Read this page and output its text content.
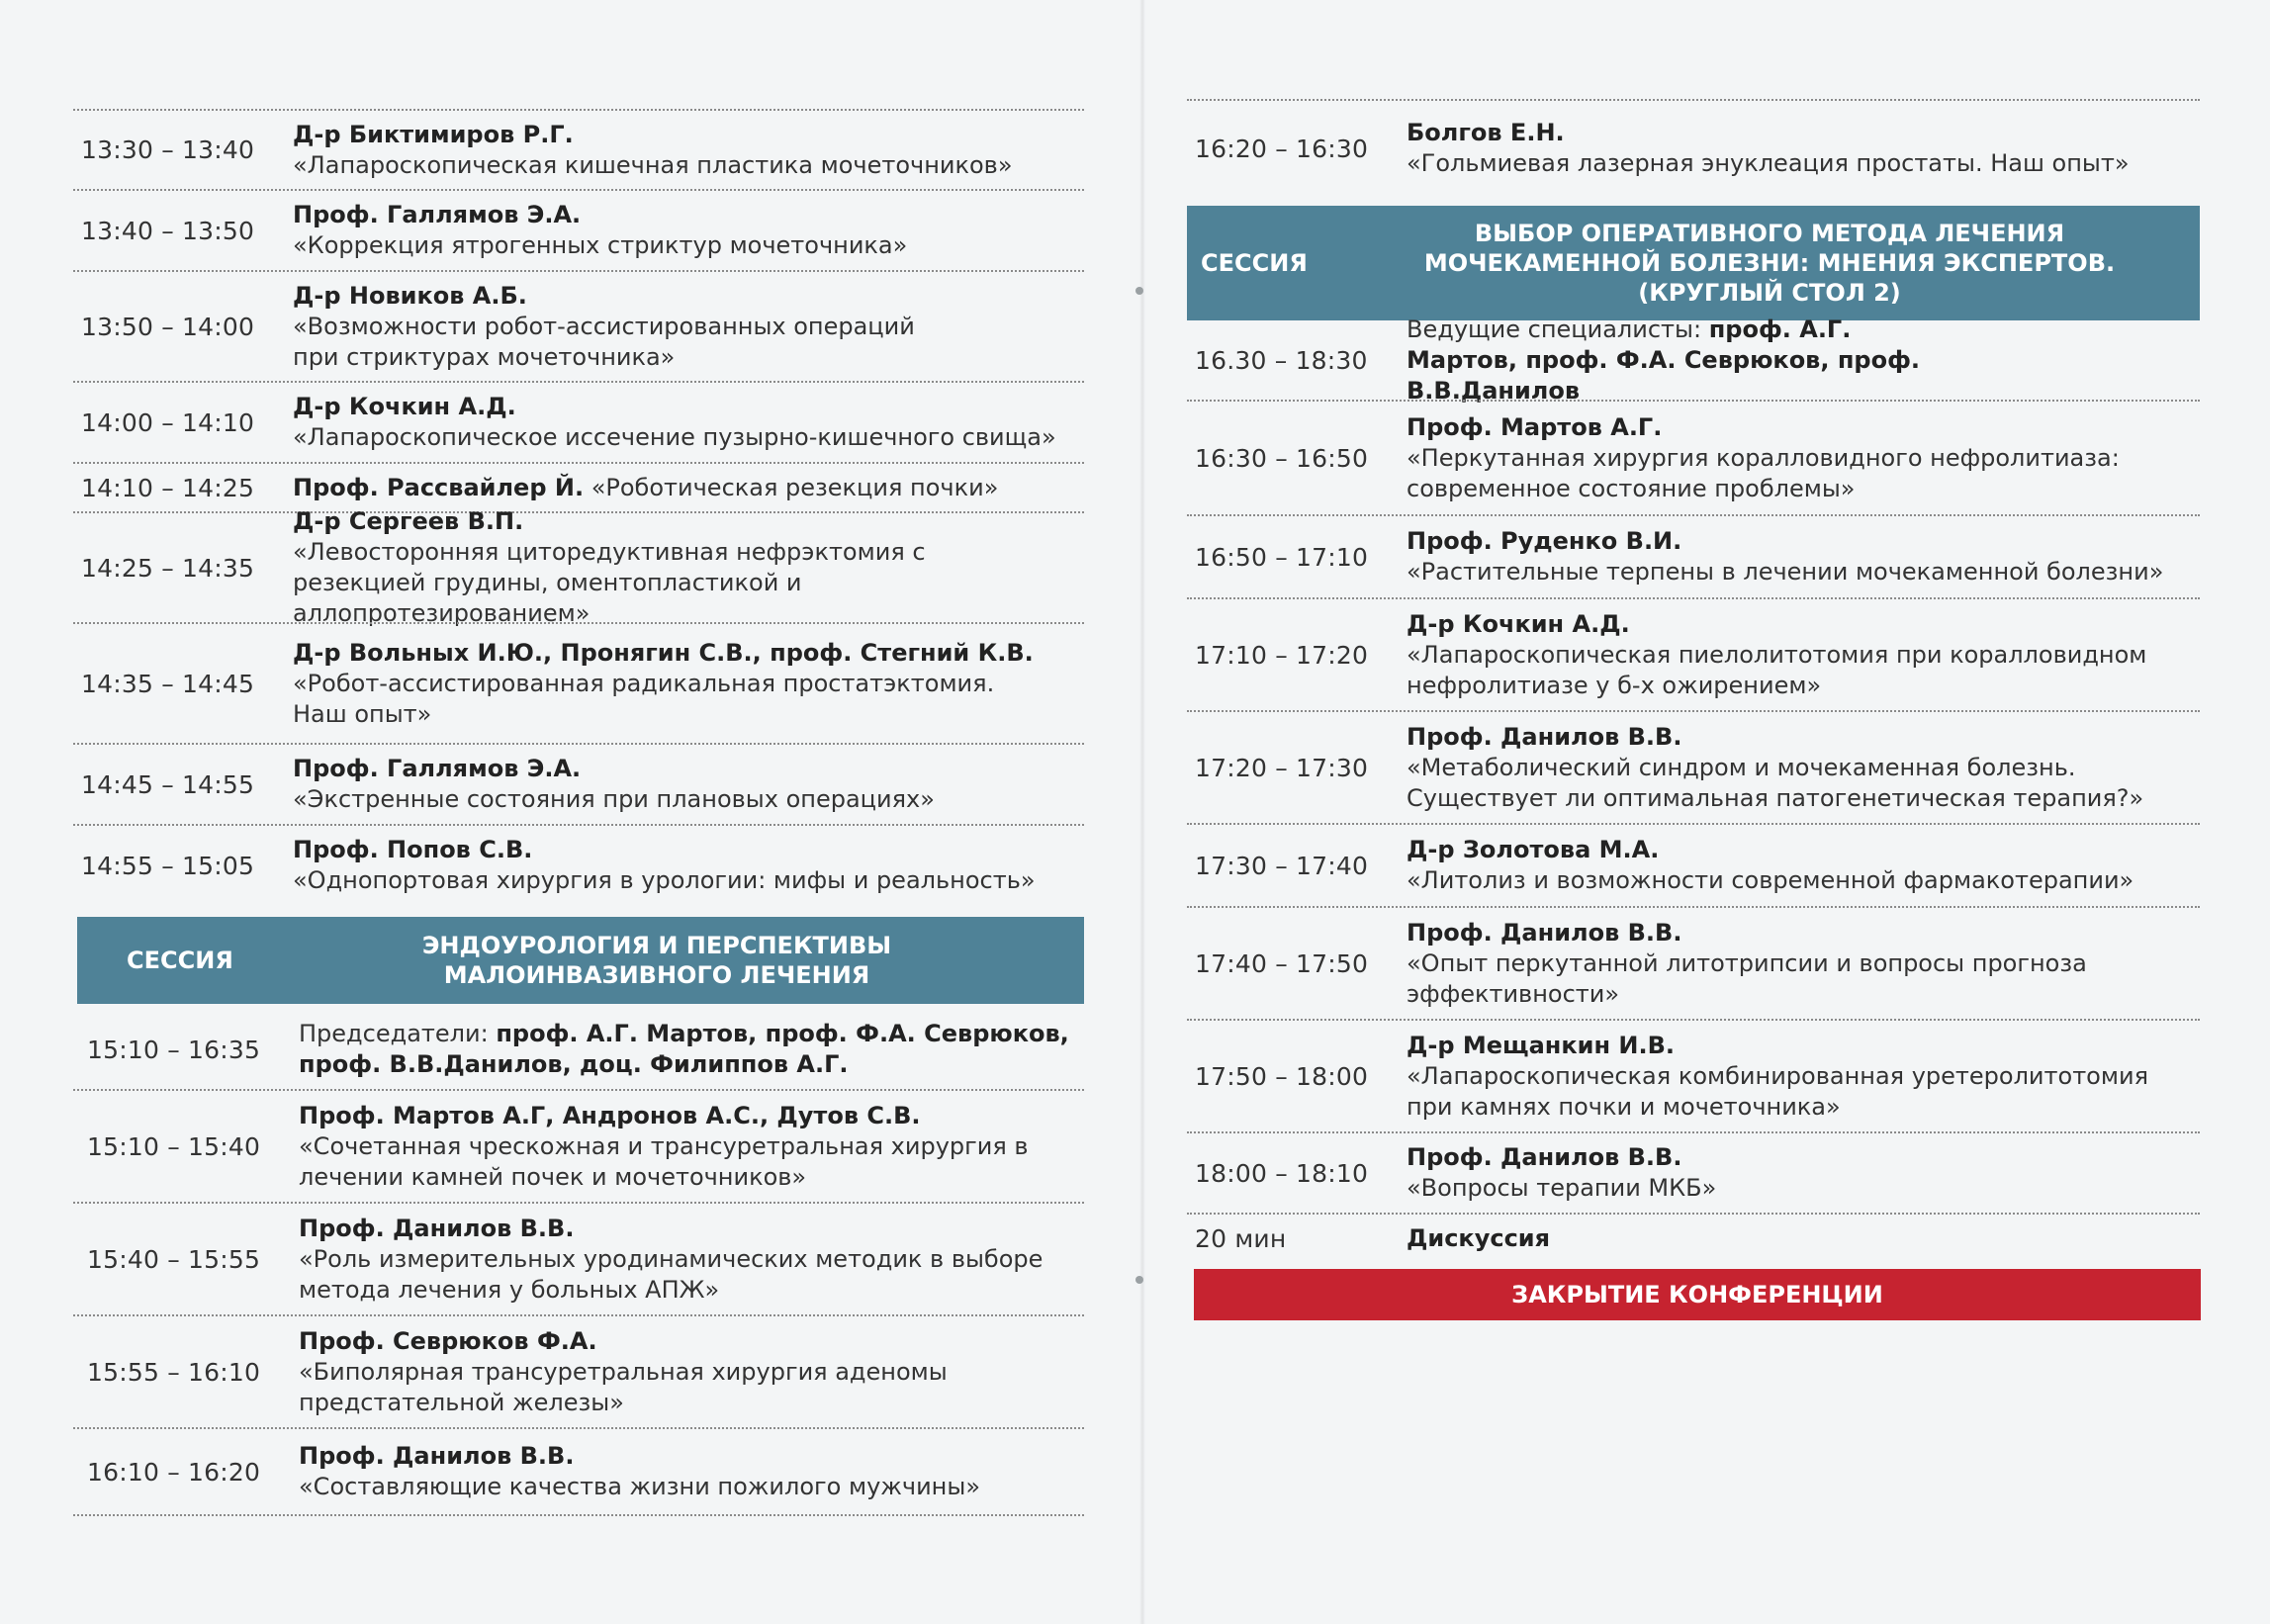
13:30 – 13:40
Д-р Биктимиров Р.Г.
«Лапароскопическая кишечная пластика мочеточников»
13:40 – 13:50
Проф. Галлямов Э.А.
«Коррекция ятрогенных стриктур мочеточника»
13:50 – 14:00
Д-р Новиков А.Б.
«Возможности робот-ассистированных операций при стриктурах мочеточника»
14:00 – 14:10
Д-р Кочкин А.Д.
«Лапароскопическое иссечение пузырно-кишечного свища»
14:10 – 14:25	Проф. Рассвайлер Й. «Роботическая резекция почки»
14:25 – 14:35
Д-р Сергеев В.П.
«Левосторонняя циторедуктивная нефрэктомия с резекцией грудины, оментопластикой и аллопротезированием»
14:35 – 14:45
Д-р Вольных И.Ю., Пронягин С.В., проф. Стегний К.В.
«Робот-ассистированная радикальная простатэктомия. Наш опыт»
14:45 – 14:55
Проф. Галлямов Э.А.
«Экстренные состояния при плановых операциях»
14:55 – 15:05
Проф. Попов С.В.
«Однопортовая хирургия в урологии: мифы и реальность»
СЕССИЯ
ЭНДОУРОЛОГИЯ И ПЕРСПЕКТИВЫ МАЛОИНВАЗИВНОГО ЛЕЧЕНИЯ
15:10 – 16:35
Председатели: проф. А.Г. Мартов, проф. Ф.А. Севрюков, проф. В.В.Данилов, доц. Филиппов А.Г.
15:10 – 15:40
Проф. Мартов А.Г, Андронов А.С., Дутов С.В.
«Сочетанная чрескожная и трансуретральная хирургия в лечении камней почек и мочеточников»
15:40 – 15:55
Проф. Данилов В.В.
«Роль измерительных уродинамических методик в выборе метода лечения у больных АПЖ»
15:55 – 16:10
Проф. Севрюков Ф.А.
«Биполярная трансуретральная хирургия аденомы предстательной железы»
16:10 – 16:20
Проф. Данилов В.В.
«Составляющие качества жизни пожилого мужчины»
16:20 – 16:30
Болгов Е.Н.
«Гольмиевая лазерная энуклеация простаты. Наш опыт»
СЕССИЯ
ВЫБОР ОПЕРАТИВНОГО МЕТОДА ЛЕЧЕНИЯ МОЧЕКАМЕННОЙ БОЛЕЗНИ: МНЕНИЯ ЭКСПЕРТОВ. (КРУГЛЫЙ СТОЛ 2)
16.30 – 18:30
Ведущие специалисты: проф. А.Г. Мартов, проф. Ф.А. Севрюков, проф. В.В.Данилов
16:30 – 16:50
Проф. Мартов А.Г.
«Перкутанная хирургия коралловидного нефролитиаза: современное состояние проблемы»
16:50 – 17:10
Проф. Руденко В.И.
«Растительные терпены в лечении мочекаменной болезни»
17:10 – 17:20
Д-р Кочкин А.Д.
«Лапароскопическая пиелолитотомия при коралловидном нефролитиазе у б-х ожирением»
17:20 – 17:30
Проф. Данилов В.В.
«Метаболический синдром и мочекаменная болезнь. Существует ли оптимальная патогенетическая терапия?»
17:30 – 17:40
Д-р Золотова М.А.
«Литолиз и возможности современной фармакотерапии»
17:40 – 17:50
Проф. Данилов В.В.
«Опыт перкутанной литотрипсии и вопросы прогноза эффективности»
17:50 – 18:00
Д-р Мещанкин И.В.
«Лапароскопическая комбинированная уретеролитотомия при камнях почки и мочеточника»
18:00 – 18:10
Проф. Данилов В.В.
«Вопросы терапии МКБ»
20 мин	Дискуссия
ЗАКРЫТИЕ КОНФЕРЕНЦИИ
